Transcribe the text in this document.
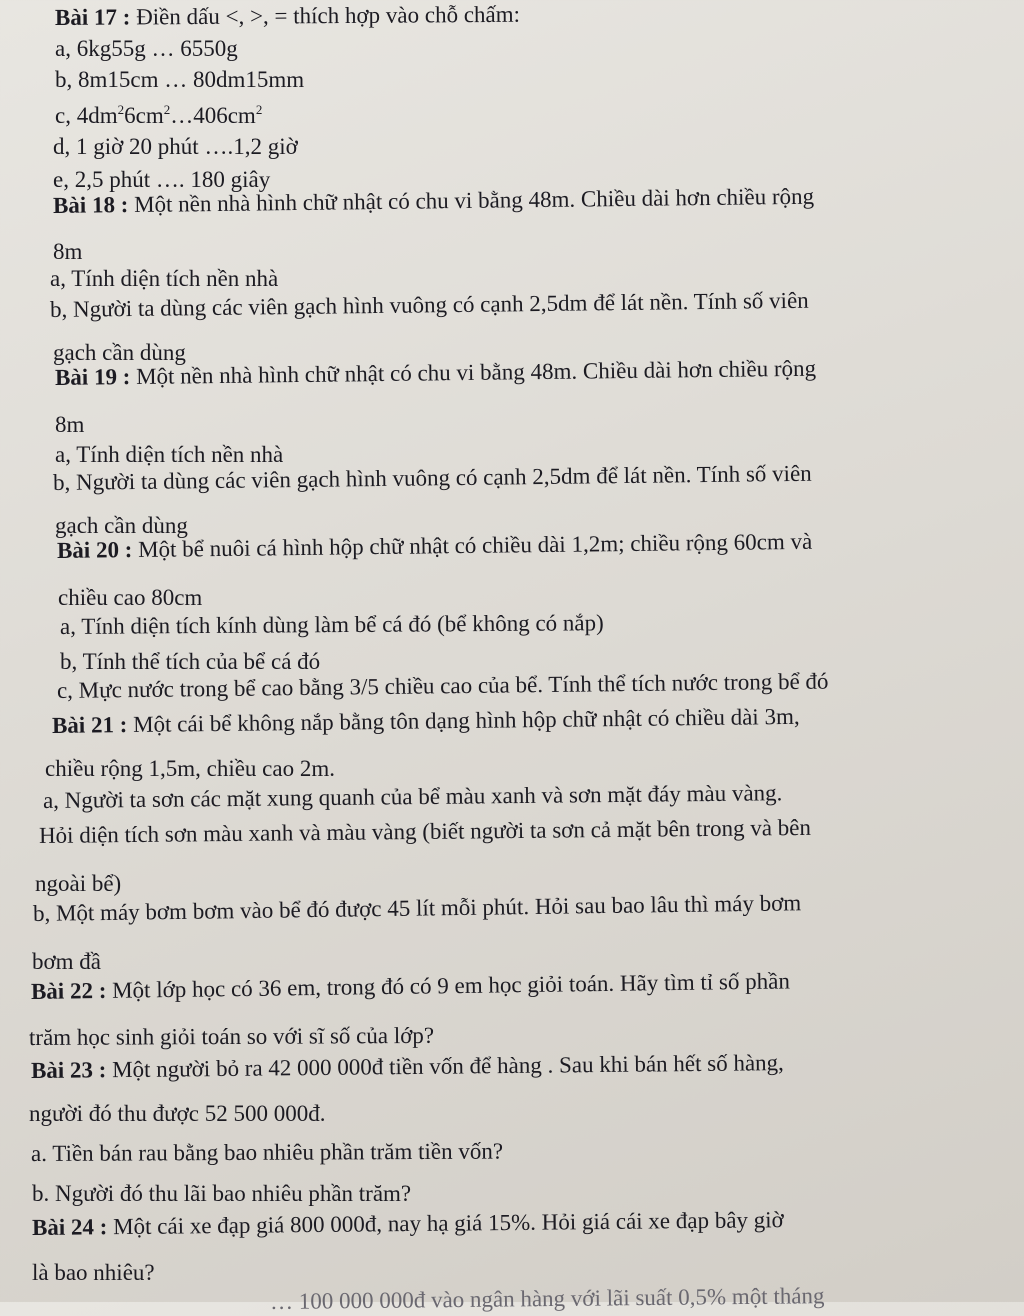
Bài 17 : Điền dấu <, >, = thích hợp vào chỗ chấm:
a, 6kg55g … 6550g
b, 8m15cm … 80dm15mm
c, $4dm^26cm^2\dots 406cm^2$
d, 1 giờ 20 phút ….1,2 giờ
e, 2,5 phút …. 180 giây
Bài 18 : Một nền nhà hình chữ nhật có chu vi bằng 48m. Chiều dài hơn chiều rộng
8m
a, Tính diện tích nền nhà
b, Người ta dùng các viên gạch hình vuông có cạnh 2,5dm để lát nền. Tính số viên
gạch cần dùng
Bài 19 : Một nền nhà hình chữ nhật có chu vi bằng 48m. Chiều dài hơn chiều rộng
8m
a, Tính diện tích nền nhà
b, Người ta dùng các viên gạch hình vuông có cạnh 2,5dm để lát nền. Tính số viên
gạch cần dùng
Bài 20 : Một bể nuôi cá hình hộp chữ nhật có chiều dài 1,2m; chiều rộng 60cm và
chiều cao 80cm
a, Tính diện tích kính dùng làm bể cá đó (bể không có nắp)
b, Tính thể tích của bể cá đó
c, Mực nước trong bể cao bằng 3/5 chiều cao của bể. Tính thể tích nước trong bể đó
Bài 21 : Một cái bể không nắp bằng tôn dạng hình hộp chữ nhật có chiều dài 3m,
chiều rộng 1,5m, chiều cao 2m.
a, Người ta sơn các mặt xung quanh của bể màu xanh và sơn mặt đáy màu vàng.
Hỏi diện tích sơn màu xanh và màu vàng (biết người ta sơn cả mặt bên trong và bên
ngoài bể)
b, Một máy bơm bơm vào bể đó được 45 lít mỗi phút. Hỏi sau bao lâu thì máy bơm
bơm đầ
Bài 22 : Một lớp học có 36 em, trong đó có 9 em học giỏi toán. Hãy tìm tỉ số phần
trăm học sinh giỏi toán so với sĩ số của lớp?
Bài 23 : Một người bỏ ra 42 000 000đ tiền vốn để hàng . Sau khi bán hết số hàng,
người đó thu được 52 500 000đ.
a. Tiền bán rau bằng bao nhiêu phần trăm tiền vốn?
b. Người đó thu lãi bao nhiêu phần trăm?
Bài 24 : Một cái xe đạp giá 800 000đ, nay hạ giá 15%. Hỏi giá cái xe đạp bây giờ
là bao nhiêu?
… 100 000 000đ vào ngân hàng với lãi suất 0,5% một tháng
